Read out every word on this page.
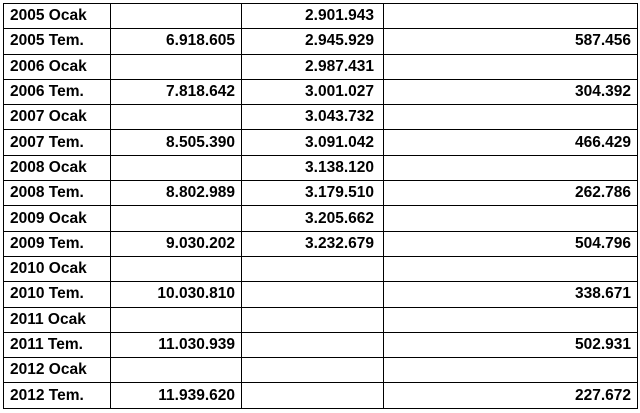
2005 Ocak		2.901.943	
2005 Tem.	6.918.605	2.945.929	587.456
2006 Ocak		2.987.431	
2006 Tem.	7.818.642	3.001.027	304.392
2007 Ocak		3.043.732	
2007 Tem.	8.505.390	3.091.042	466.429
2008 Ocak		3.138.120	
2008 Tem.	8.802.989	3.179.510	262.786
2009 Ocak		3.205.662	
2009 Tem.	9.030.202	3.232.679	504.796
2010 Ocak			
2010 Tem.	10.030.810		338.671
2011 Ocak			
2011 Tem.	11.030.939		502.931
2012 Ocak			
2012 Tem.	11.939.620		227.672
